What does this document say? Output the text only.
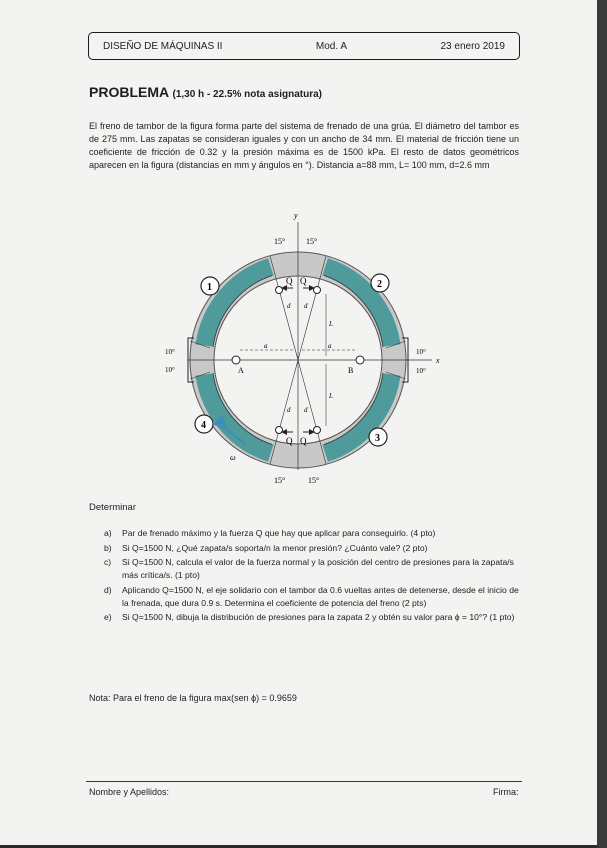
DISEÑO DE MÁQUINAS II	Mod. A	23 enero 2019
PROBLEMA (1,30 h - 22.5% nota asignatura)
El freno de tambor de la figura forma parte del sistema de frenado de una grúa. El diámetro del tambor es de 275 mm. Las zapatas se consideran iguales y con un ancho de 34 mm. El material de fricción tiene un coeficiente de fricción de 0.32 y la presión máxima es de 1500 kPa. El resto de datos geométricos aparecen en la figura (distancias en mm y ángulos en °). Distancia a=88 mm, L= 100 mm, d=2.6 mm
y
x
15°	15°
15°	15°
10°
10°
10°
10°
A	B
a	a
Q Q
Q Q
d d
d d
L
L
1	2
3
4
ω
Determinar
a)	Par de frenado máximo y la fuerza Q que hay que aplicar para conseguirlo. (4 pto)
b)	Si Q=1500 N, ¿Qué zapata/s soporta/n la menor presión? ¿Cuánto vale? (2 pto)
c)	Si Q=1500 N, calcula el valor de la fuerza normal y la posición del centro de presiones para la zapata/s más crítica/s. (1 pto)
d)	Aplicando Q=1500 N, el eje solidario con el tambor da 0.6 vueltas antes de detenerse, desde el inicio de la frenada, que dura 0.9 s. Determina el coeficiente de potencia del freno (2 pts)
e)	Si Q=1500 N, dibuja la distribución de presiones para la zapata 2 y obtén su valor para ϕ = 10°? (1 pto)
Nota: Para el freno de la figura max(sen ϕ) = 0.9659
Nombre y Apellidos:	Firma:
